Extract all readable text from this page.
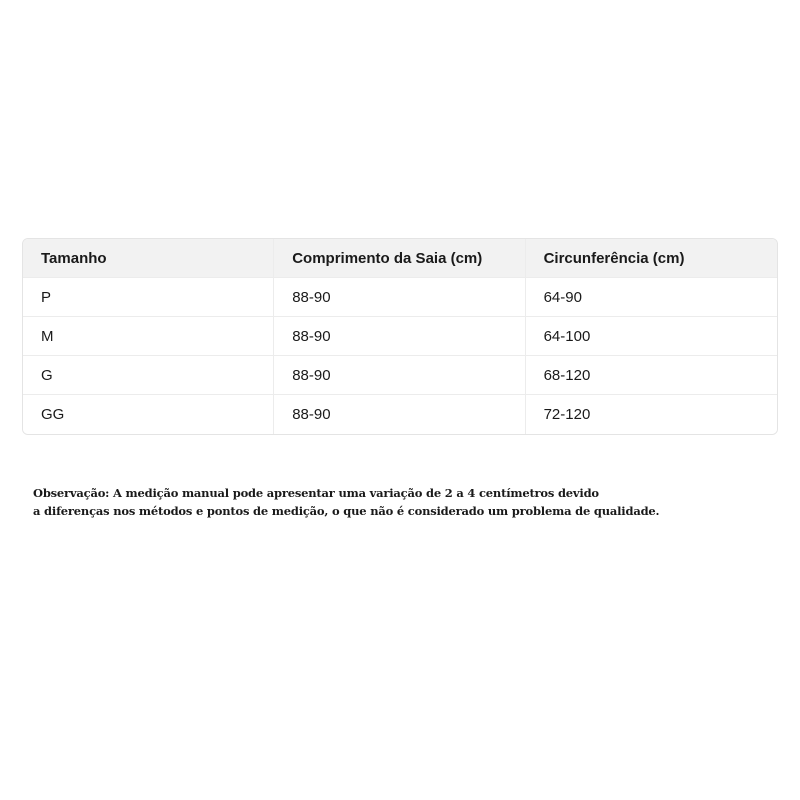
Tamanho	Comprimento da Saia (cm)	Circunferência (cm)
P	88-90	64-90
M	88-90	64-100
G	88-90	68-120
GG	88-90	72-120

Observação: A medição manual pode apresentar uma variação de 2 a 4 centímetros devido
a diferenças nos métodos e pontos de medição, o que não é considerado um problema de qualidade.
